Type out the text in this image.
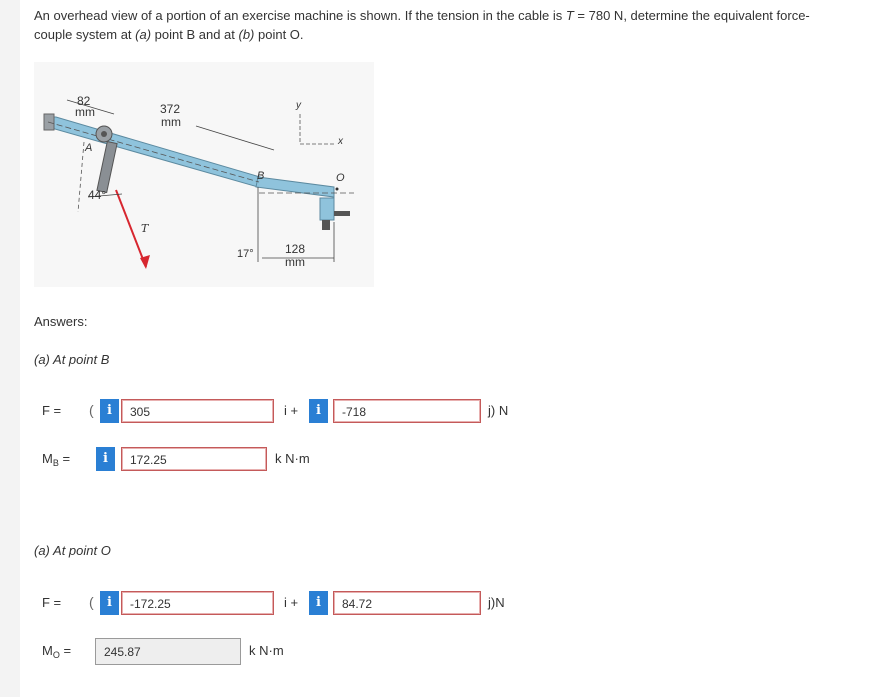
An overhead view of a portion of an exercise machine is shown. If the tension in the cable is T = 780 N, determine the equivalent force-
couple system at (a) point B and at (b) point O.
82
mm	372
mm
A
44°
T
B	O
y
x
17°	128
mm
Answers:
(a) At point B
F = (	i	305	i +	i	-718	j) N
$M_B$ =	i	172.25	k N·m
(a) At point O
F = (	i	-172.25	i +	i	84.72	j)N
$M_O$ =	245.87	k N·m
